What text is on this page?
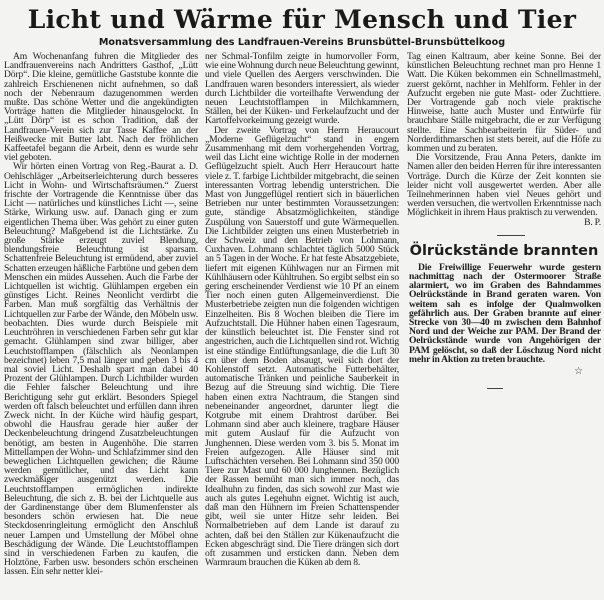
Licht und Wärme für Mensch und Tier
Monatsversammlung des Landfrauen-Vereins Brunsbüttel-Brunsbüttelkoog

Am Wochenanfang fuhren die Mitglieder des Landfrauenvereins nach Andritters Gasthof, „Lütt Dörp“. Die kleine, gemütliche Gaststube konnte die zahlreich Erschienenen nicht aufnehmen, so daß noch der Nebenraum dazugenommen werden mußte. Das schöne Wetter und die angekündigten Vorträge hatten die Mitglieder hinausgelockt. In „Lütt Dörp“ ist es schon Tradition, daß der Landfrauen-Verein sich zur Tasse Kaffee an der Heißwecke mit Butter labt. Nach der fröhlichen Kaffeetafel begann die Arbeit, denn es wurde sehr viel geboten.

Wir hörten einen Vortrag von Reg.-Baurat a. D. Oehlschläger „Arbeitserleichterung durch besseres Licht in Wohn- und Wirtschaftsräumen.“ Zuerst frischte der Vortragende die Kenntnisse über das Licht — natürliches und künstliches Licht —, seine Stärke, Wirkung usw. auf. Danach ging er zum eigentlichen Thema über. Was gehört zu einer guten Beleuchtung? Maßgebend ist die Lichtstärke. Zu große Stärke erzeugt zuviel Blendung, blendungsfreie Beleuchtung ist sparsam. Schattenfreie Beleuchtung ist ermüdend, aber zuviel Schatten erzeugen häßliche Farbtöne und geben dem Menschen ein müdes Aussehen. Auch die Farbe der Lichtquellen ist wichtig. Glühlampen ergeben ein günstiges Licht. Reines Neonlicht verdirbt die Farben. Man muß sorgfältig das Verhältnis der Lichtquellen zur Farbe der Wände, den Möbeln usw. beobachten. Dies wurde durch Beispiele mit Leuchtröhren in verschiedenen Farben sehr gut klar gemacht. Glühlampen sind zwar billiger, aber Leuchtstofflampen (fälschlich als Neonlampen bezeichnet) leben 7,5 mal länger und geben 3 bis 4 mal soviel Licht. Deshalb spart man dabei 40 Prozent der Glühlampen. Durch Lichtbilder wurden die Fehler falscher Beleuchtung und ihre Berichtigung sehr gut erklärt. Besonders Spiegel werden oft falsch beleuchtet und erfüllen dann ihren Zweck nicht. In der Küche wird häufig gespart, obwohl die Hausfrau gerade hier außer der Deckenbeleuchtung dringend Zusatzbeleuchtungen benötigt, am besten in Augenhöhe. Die starren Mittellampen der Wohn- und Schlafzimmer sind den beweglichen Lichtquellen gewichen; die Räume werden gemütlicher, und das Licht kann zweckmäßiger ausgenützt werden. Die Leuchtstofflampen ermöglichen indirekte Beleuchtung, die sich z. B. bei der Lichtquelle aus der Gardinenstange über dem Blumenfenster als besonders schön erwiesen hat. Die neue Steckdosenringleitung ermöglicht den Anschluß neuer Lampen und Umstellung der Möbel ohne Beschädigung der Wände. Die Leuchtstofflampen sind in verschiedenen Farben zu kaufen, die Holztöne, Farben usw. besonders schön erscheinen lassen. Ein sehr netter klei-

ner Schmal-Tonfilm zeigte in humorvoller Form, wie eine Wohnung durch neue Beleuchtung gewinnt, und viele Quellen des Aergers verschwinden. Die Landfrauen waren besonders interessiert, als wieder durch Lichtbilder die vorteilhafte Verwendung der neuen Leuchtstofflampen in Milchkammern, Ställen, bei der Küken- und Ferkelaufzucht und der Kartoffelvorkeimung gezeigt wurde.

Der zweite Vortrag von Herrn Heraucourt „Moderne Geflügelzucht“ stand in engem Zusammenhang mit dem vorhergehenden Vortrag, weil das Licht eine wichtige Rolle in der modernen Geflügelzucht spielt. Auch Herr Heraucourt hatte viele z. T. farbige Lichtbilder mitgebracht, die seinen interessanten Vortrag lebendig unterstrichen. Die Mast von Junggeflügel rentiert sich in bäuerlichen Betrieben nur unter bestimmten Voraussetzungen: gute, ständige Absatzmöglichkeiten, ständige Zuspülung von Sauerstoff und gute Wärmequellen. Die Lichtbilder zeigten uns einen Musterbetrieb in der Schweiz und den Betrieb von Lohmann, Cuxhaven. Lohmann schlachtet täglich 5000 Stück an 5 Tagen in der Woche. Er hat feste Absatzgebiete, liefert mit eigenen Kühlwagen nur an Firmen mit Kühlhäusern oder Kühltruhen. So ergibt selbst ein so gering erscheinender Verdienst wie 10 Pf an einem Tier noch einen guten Allgemeinverdienst. Die Musterbetriebe zeigten nun die folgenden wichtigen Einzelheiten. Bis 8 Wochen bleiben die Tiere im Aufzuchtstall. Die Hühner haben einen Tagesraum, der künstlich beleuchtet ist. Die Fenster sind rot angestrichen, auch die Lichtquellen sind rot. Wichtig ist eine ständige Entlüftungsanlage, die die Luft 30 cm über dem Boden absaugt, weil sich dort der Kohlenstoff setzt. Automatische Futterbehälter, automatische Tränken und peinliche Sauberkeit in Bezug auf die Streuung sind wichtig. Die Tiere haben einen extra Nachtraum, die Stangen sind nebeneinander angeordnet, darunter liegt die Kotgrube mit einem Drahtrost darüber. Bei Lohmann sind aber auch kleinere, tragbare Häuser mit gutem Auslauf für die Aufzucht von Junghennen. Diese werden vom 3. bis 5. Monat im Freien aufgezogen. Alle Häuser sind mit Luftschächten versehen. Bei Lohmann sind 350 000 Tiere zur Mast und 60 000 Junghennen. Bezüglich der Rassen bemüht man sich immer noch, das Idealhuhn zu finden, das sich sowohl zur Mast wie auch als gutes Legehuhn eignet. Wichtig ist auch, daß man den Hühnern im Freien Schattenspender gibt, weil sie unter Hitze sehr leiden. Bei Normalbetrieben auf dem Lande ist darauf zu achten, daß bei den Ställen zur Kükenaufzucht die Ecken abgeschrägt sind. Die Tiere drängen sich dort oft zusammen und ersticken dann. Neben dem Warmraum brauchen die Küken ab dem 8.

Tag einen Kaltraum, aber keine Sonne. Bei der künstlichen Beleuchtung rechnet man pro Henne 1 Watt. Die Küken bekommen ein Schnellmastmehl, zuerst gekörnt, nachher in Mehlform. Fehler in der Aufzucht ergeben nie gute Mast- oder Zuchttiere. Der Vortragende gab noch viele praktische Hinweise, hatte auch Muster und Entwürfe für brauchbare Ställe mitgebracht, die er zur Verfügung stellte. Eine Sachbearbeiterin für Süder- und Norderdithmarschen ist stets bereit, auf die Höfe zu kommen und zu beraten.

Die Vorsitzende, Frau Anna Peters, dankte im Namen aller den beiden Herren für ihre interessanten Vorträge. Durch die Kürze der Zeit konnten sie leider nicht voll ausgewertet werden. Aber alle Teilnehmerinnen haben viel Neues gehört und werden versuchen, die wertvollen Erkenntnisse nach Möglichkeit in ihrem Haus praktisch zu verwenden.
B. P.

Ölrückstände brannten

Die Freiwillige Feuerwehr wurde gestern nachmittag nach der Ostermoorer Straße alarmiert, wo im Graben des Bahndammes Oelrückstände in Brand geraten waren. Von weitem sah es infolge der Qualmwolken gefährlich aus. Der Graben brannte auf einer Strecke von 30—40 m zwischen dem Bahnhof Nord und der Weiche zur PAM. Der Brand der Oelrückstände wurde von Angehörigen der PAM gelöscht, so daß der Löschzug Nord nicht mehr in Aktion zu treten brauchte.

☆
